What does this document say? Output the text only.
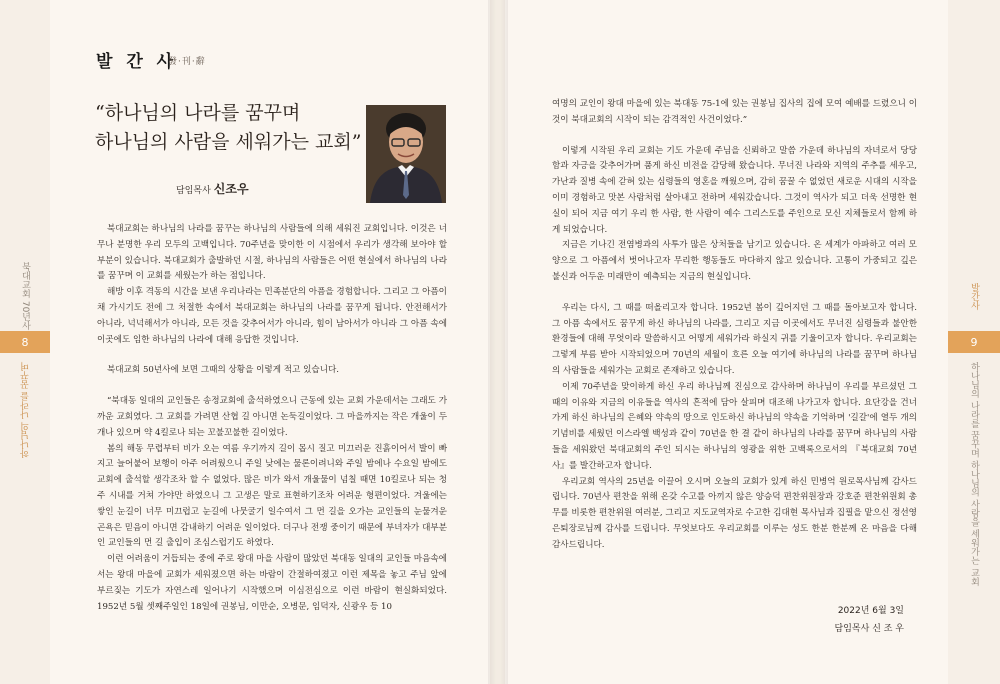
북대교회 70년사
8
하나님의 나라를 꿈꾸며
발간사
9
하나님의 나라를 꿈꾸며 하나님의 사람을 세워가는 교회
발 간 사
發·刊·辭
“하나님의 나라를 꿈꾸며
하나님의 사람을 세워가는 교회”
담임목사 신조우

북대교회는 하나님의 나라를 꿈꾸는 하나님의 사람들에 의해 세워진 교회입니다. 이것은 너무나 분명한 우리 모두의 고백입니다. 70주년을 맞이한 이 시점에서 우리가 생각해 보아야 할 부분이 있습니다. 북대교회가 출발하던 시절, 하나님의 사람들은 어떤 현실에서 하나님의 나라를 꿈꾸며 이 교회를 세웠는가 하는 점입니다.

해방 이후 격동의 시간을 보낸 우리나라는 민족분단의 아픔을 경험합니다. 그리고 그 아픔이 채 가시기도 전에 그 처절한 속에서 북대교회는 하나님의 나라를 꿈꾸게 됩니다. 안전해서가 아니라, 넉넉해서가 아니라, 모든 것을 갖추어서가 아니라, 힘이 남아서가 아니라 그 아픔 속에 이곳에도 임한 하나님의 나라에 대해 응답한 것입니다.

북대교회 50년사에 보면 그때의 상황을 이렇게 적고 있습니다.

“북대동 일대의 교인들은 송정교회에 출석하였으니 근동에 있는 교회 가운데서는 그래도 가까운 교회였다. 그 교회를 가려면 산협 길 아니면 논둑길이었다. 그 마을까지는 작은 개울이 두 개나 있으며 약 4킬로나 되는 꼬불꼬불한 길이었다.

봄의 해동 무렵부터 비가 오는 여름 우기까지 길이 몹시 질고 미끄러운 진흙이어서 발이 빠지고 늘어붙어 보행이 아주 어려웠으니 주일 낮에는 물론이려니와 주일 밤에나 수요일 밤에도 교회에 출석할 생각조차 할 수 없었다. 많은 비가 와서 개울물이 넘칠 때면 10킬로나 되는 청주 시내를 거쳐 가야만 하였으니 그 고생은 말로 표현하기조차 어려운 형편이었다. 겨울에는 쌓인 눈길이 너무 미끄럽고 눈길에 나뭇굴기 일수여서 그 먼 길을 오가는 교인들의 눈물겨운 곤욕은 믿음이 아니면 감내하기 어려운 일이었다. 더구나 전쟁 중이기 때문에 부녀자가 대부분인 교인들의 먼 길 출입이 조심스럽기도 하였다.

이런 어려움이 거듭되는 중에 주로 왕대 마을 사람이 많았던 북대동 일대의 교인들 마음속에서는 왕대 마을에 교회가 세워졌으면 하는 바람이 간절하여졌고 이런 제목을 놓고 주님 앞에 부르짖는 기도가 자연스레 일어나기 시작했으며 이심전심으로 이런 바람이 현실화되었다. 1952년 5월 셋째주일인 18일에 권봉님, 이만순, 오병문, 임덕자, 신광우 등 10

여명의 교인이 왕대 마을에 있는 북대동 75-1에 있는 권봉님 집사의 집에 모여 예배를 드렸으니 이것이 북대교회의 시작이 되는 감격적인 사건이었다.”

이렇게 시작된 우리 교회는 기도 가운데 주님을 신뢰하고 말씀 가운데 하나님의 자녀로서 당당함과 자긍을 갖추어가며 품게 하신 비전을 감당해 왔습니다. 무너진 나라와 지역의 주추를 세우고, 가난과 질병 속에 갇혀 있는 심령들의 영혼을 깨웠으며, 감히 꿈꿀 수 없었던 새로운 시대의 시작을 이미 경험하고 맛본 사람처럼 살아내고 전하며 세워갔습니다. 그것이 역사가 되고 더욱 선명한 현실이 되어 지금 여기 우리 한 사람, 한 사람이 예수 그리스도를 주인으로 모신 지체들로서 함께 하게 되었습니다.

지금은 기나긴 전염병과의 사투가 많은 상처들을 남기고 있습니다. 온 세계가 아파하고 여러 모양으로 그 아픔에서 벗어나고자 무리한 행동들도 마다하지 않고 있습니다. 고통이 가중되고 깊은 불신과 어두운 미래만이 예측되는 지금의 현실입니다.

우리는 다시, 그 때를 떠올리고자 합니다. 1952년 봄이 깊어지던 그 때를 돌아보고자 합니다. 그 아픔 속에서도 꿈꾸게 하신 하나님의 나라를, 그리고 지금 이곳에서도 무너진 심령들과 불안한 환경들에 대해 무엇이라 말씀하시고 어떻게 세워가라 하실지 귀를 기울이고자 합니다. 우리교회는 그렇게 부름 받아 시작되었으며 70년의 세월이 흐른 오늘 여기에 하나님의 나라를 꿈꾸며 하나님의 사람들을 세워가는 교회로 존재하고 있습니다.

이제 70주년을 맞이하게 하신 우리 하나님께 진심으로 감사하며 하나님이 우리를 부르셨던 그때의 이유와 지금의 이유들을 역사의 흔적에 담아 살피며 대조해 나가고자 합니다. 요단강을 건너가게 하신 하나님의 은혜와 약속의 땅으로 인도하신 하나님의 약속을 기억하며 '길갈'에 열두 개의 기념비를 세웠던 이스라엘 백성과 같이 70년을 한 결 같이 하나님의 나라를 꿈꾸며 하나님의 사람들을 세워왔던 북대교회의 주인 되시는 하나님의 영광을 위한 고백록으로서의 『북대교회 70년사』를 발간하고자 합니다.

우리교회 역사의 25년을 이끌어 오시며 오늘의 교회가 있게 하신 민병억 원로목사님께 감사드립니다. 70년사 편찬을 위해 온갖 수고를 아끼지 않은 양승덕 편찬위원장과 강호준 편찬위원회 총무를 비롯한 편찬위원 여러분, 그리고 지도교역자로 수고한 김대현 목사님과 집필을 맡으신 정선영 은퇴장로님께 감사를 드립니다. 무엇보다도 우리교회를 이루는 성도 한분 한분께 온 마음을 다해 감사드립니다.

2022년 6월 3일
담임목사 신 조 우
